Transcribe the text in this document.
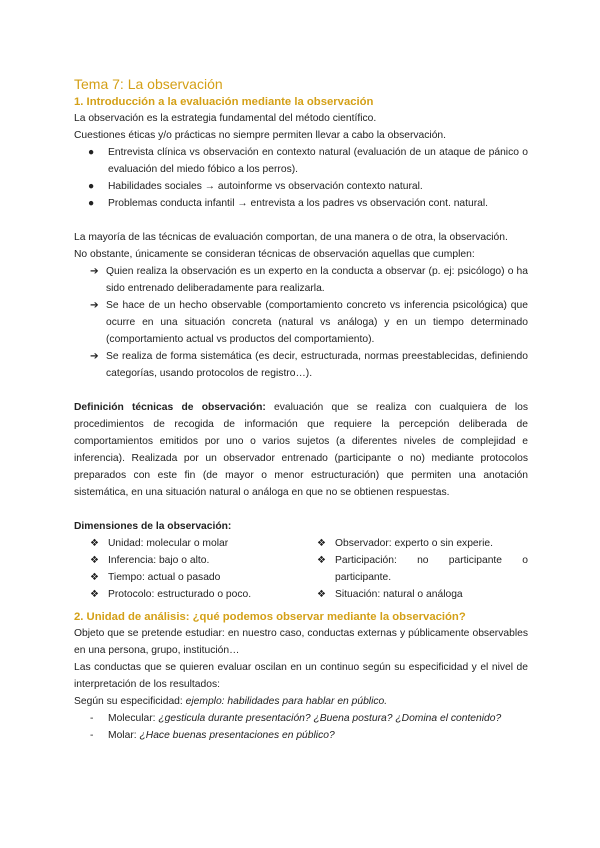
Tema 7: La observación
1. Introducción a la evaluación mediante la observación

La observación es la estrategia fundamental del método científico.

Cuestiones éticas y/o prácticas no siempre permiten llevar a cabo la observación.

● Entrevista clínica vs observación en contexto natural (evaluación de un ataque de pánico o evaluación del miedo fóbico a los perros).
● Habilidades sociales → autoinforme vs observación contexto natural.
● Problemas conducta infantil → entrevista a los padres vs observación cont. natural.

La mayoría de las técnicas de evaluación comportan, de una manera o de otra, la observación.

No obstante, únicamente se consideran técnicas de observación aquellas que cumplen:

➔ Quien realiza la observación es un experto en la conducta a observar (p. ej: psicólogo) o ha sido entrenado deliberadamente para realizarla.
➔ Se hace de un hecho observable (comportamiento concreto vs inferencia psicológica) que ocurre en una situación concreta (natural vs análoga) y en un tiempo determinado (comportamiento actual vs productos del comportamiento).
➔ Se realiza de forma sistemática (es decir, estructurada, normas preestablecidas, definiendo categorías, usando protocolos de registro…).

Definición técnicas de observación: evaluación que se realiza con cualquiera de los procedimientos de recogida de información que requiere la percepción deliberada de comportamientos emitidos por uno o varios sujetos (a diferentes niveles de complejidad e inferencia). Realizada por un observador entrenado (participante o no) mediante protocolos preparados con este fin (de mayor o menor estructuración) que permiten una anotación sistemática, en una situación natural o análoga en que no se obtienen respuestas.

Dimensiones de la observación:

❖ Unidad: molecular o molar
❖ Inferencia: bajo o alto.
❖ Tiempo: actual o pasado
❖ Protocolo: estructurado o poco.
❖ Observador: experto o sin experie.
❖ Participación: no participante o participante.
❖ Situación: natural o análoga
2. Unidad de análisis: ¿qué podemos observar mediante la observación?

Objeto que se pretende estudiar: en nuestro caso, conductas externas y públicamente observables en una persona, grupo, institución…

Las conductas que se quieren evaluar oscilan en un continuo según su especificidad y el nivel de interpretación de los resultados:

Según su especificidad: ejemplo: habilidades para hablar en público.

- Molecular: ¿gesticula durante presentación? ¿Buena postura? ¿Domina el contenido?
- Molar: ¿Hace buenas presentaciones en público?
